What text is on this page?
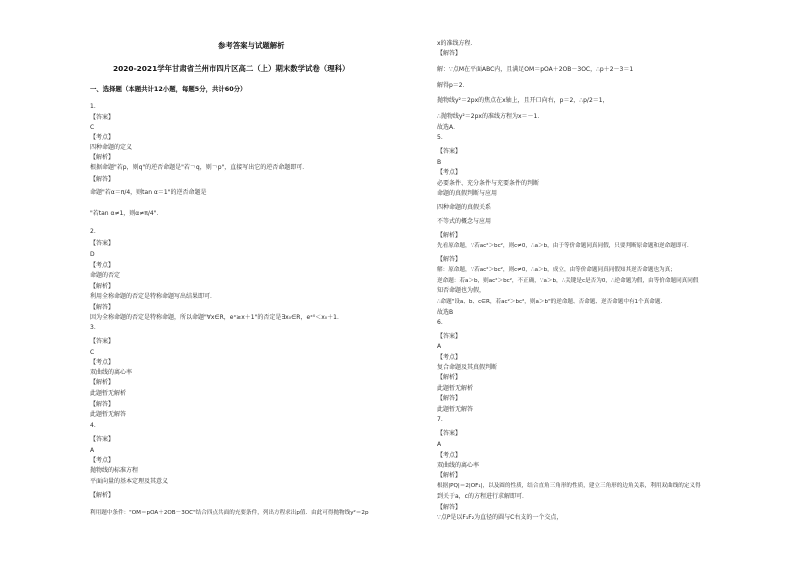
参考答案与试题解析
2020-2021学年甘肃省兰州市四片区高二（上）期末数学试卷（理科）
一、选择题（本题共计12小题，每题5分，共计60分）
1.
【答案】
C
【考点】
四种命题的定义
【解析】
根据命题"若p，则q"的逆否命题是"若￢q，则￢p"，直接写出它的逆否命题即可．
【解答】
命题"若α＝π/4，则tan α＝1"的逆否命题是
"若tan α≠1，则α≠π/4"．
2.
【答案】
D
【考点】
命题的否定
【解析】
利用全称命题的否定是特称命题写出结果即可．
【解答】
因为全称命题的否定是特称命题，所以命题"∀x∈R，eˣ≥x＋1"的否定是∃x₀∈R，eˣ⁰＜x₀＋1．
3.
【答案】
C
【考点】
双曲线的离心率
【解析】
此题暂无解析
【解答】
此题暂无解答
4.
【答案】
A
【考点】
抛物线的标准方程
平面向量的基本定理及其意义
【解析】
利用题中条件："OM＝pOA＋2OB－3OC"结合四点共面的充要条件，列出方程求出p值．由此可得抛物线y²＝2p
x的准线方程．
【解答】
解：∵点M在平面ABC内，且满足OM＝pOA＋2OB－3OC，∴p＋2－3＝1
解得p＝2．
抛物线y²＝2px的焦点在x轴上，且开口向右，p＝2，∴p/2＝1，
∴抛物线y²＝2px的准线方程为x＝－1．
故选A．
5.
【答案】
B
【考点】
必要条件、充分条件与充要条件的判断
命题的真假判断与应用
四种命题的真假关系
不等式的概念与应用
【解析】
先看原命题，∵若ac²＞bc²，则c≠0，∴a＞b，由于等价命题同真同假，只要判断原命题和逆命题即可．
【解答】
解：原命题，∵若ac²＞bc²，则c≠0，∴a＞b，成立，由等价命题同真同假知其逆否命题也为真；
逆命题：若a＞b，则ac²＞bc²，不正确，∵a＞b，∴关键是c是否为0，∴逆命题为假，由等价命题同真同假
知否命题也为假，
∴命题"设a、b、c∈R，若ac²＞bc²，则a＞b"的逆命题、否命题、逆否命题中有1个真命题．
故选B
6.
【答案】
A
【考点】
复合命题及其真假判断
【解析】
此题暂无解析
【解答】
此题暂无解答
7.
【答案】
A
【考点】
双曲线的离心率
【解析】
根据|PQ|＝2|OF₁|，以及圆的性质，结合直角三角形的性质，建立三角形的边角关系，利用双曲线的定义得
到关于a，c的方程进行求解即可．
【解答】
∵点P是以F₁F₂为直径的圆与C右支的一个交点，
